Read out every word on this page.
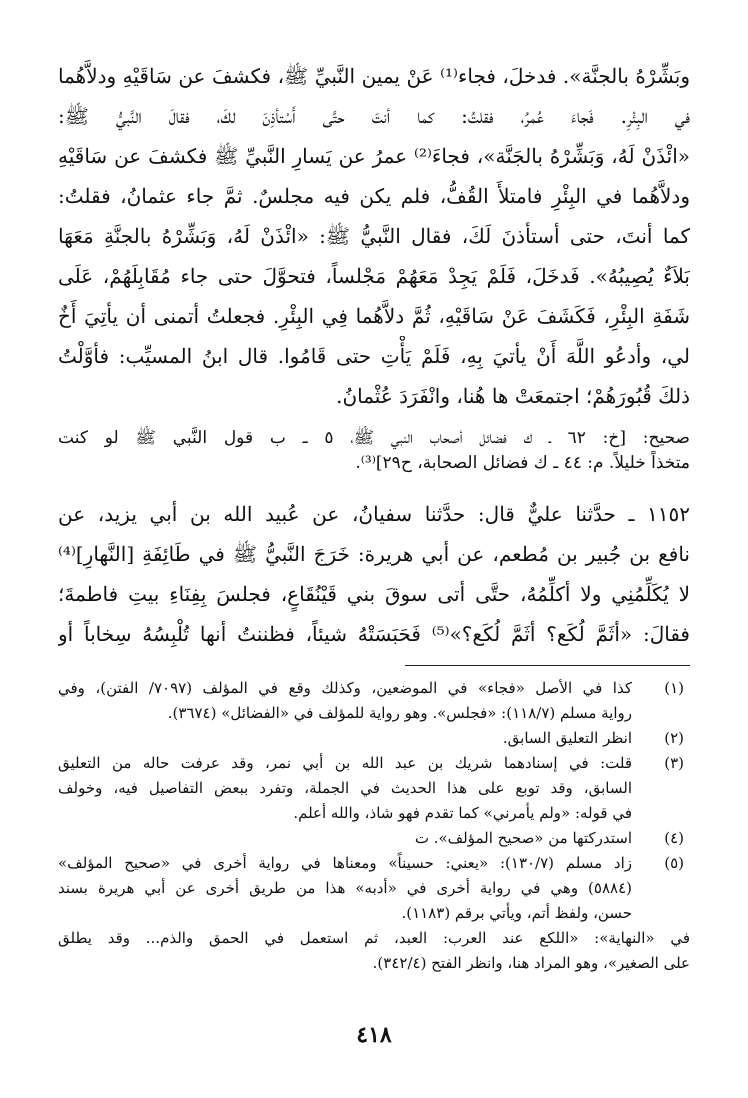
وبَشِّرْهُ بالجنَّة». فدخلَ، فجاء⁽¹⁾ عَنْ يمين النَّبيِّ ﷺ، فكشفَ عن سَاقَيْهِ ودلاَّهُما
في البِئْرِ. فَجاءَ عُمرُ، فقلتُ: كما أنتَ حتَّى أَسْتأذِنَ لكَ، فقالَ النَّبيُّ ﷺ:
«ائْذَنْ لَهُ، وَبَشِّرْهُ بالجَنَّة»، فجاءَ⁽²⁾ عمرُ عن يَسارِ النَّبيِّ ﷺ فكشفَ عن سَاقَيْهِ
ودلاَّهُما في البِئْرِ فامتلأَ القُفُّ، فلم يكن فيه مجلسٌ. ثمَّ جاء عثمانُ، فقلتُ:
كما أنتَ، حتى أستأذنَ لَكَ، فقال النَّبيُّ ﷺ: «ائْذَنْ لَهُ، وَبَشِّرْهُ بالجنَّةِ مَعَهَا
بَلاَءٌ يُصِيبُهُ». فَدخَلَ، فَلَمْ يَجِدْ مَعَهُمْ مَجْلساً، فتحوَّلَ حتى جاء مُقَابِلَهُمْ، عَلَى
شَفَةِ البِئْرِ، فَكَشَفَ عَنْ سَاقَيْهِ، ثُمَّ دلاَّهُما فِي البِئْرِ. فجعلتُ أتمنى أن يأتِيَ أَخٌ
لي، وأدعُو اللَّهَ أَنْ يأتيَ بِهِ، فَلَمْ يَأْتِ حتى قَامُوا. قال ابنُ المسيِّب: فأوَّلْتُ
ذلكَ قُبُورَهُمْ؛ اجتمعَتْ ها هُنا، وانْفَرَدَ عُثْمانُ.
صحيح: [خ: ٦٢ ـ ك فضائل أصحاب النبي ﷺ، ٥ ـ ب قول النَّبي ﷺ لو كنت
متخذاً خليلاً. م: ٤٤ ـ ك فضائل الصحابة، ح٢٩]⁽³⁾.
١١٥٢ ـ حدَّثنا عليٌّ قال: حدَّثنا سفيانُ، عن عُبيد الله بن أبي يزيد، عن
نافع بن جُبير بن مُطعم، عن أبي هريرة: خَرَجَ النَّبيُّ ﷺ في طَائِفَةِ [النَّهارِ]⁽⁴⁾
لا يُكَلِّمُنِي ولا أكلِّمُهُ، حتَّى أتى سوقَ بني قَيْنُقَاعٍ، فجلسَ بِفِنَاءِ بيتِ فاطمةَ؛
فقالَ: «أثَمَّ لُكَع؟ أثَمَّ لُكَع؟»⁽⁵⁾ فَحَبَسَتْهُ شيئاً، فظننتُ أنها تُلْبِسُهُ سِخاباً أو
(١)
كذا في الأصل «فجاء» في الموضعين، وكذلك وقع في المؤلف (٧٠٩٧/ الفتن)، وفي
رواية مسلم (١١٨/٧): «فجلس». وهو رواية للمؤلف في «الفضائل» (٣٦٧٤).
(٢)
انظر التعليق السابق.
(٣)
قلت: في إسنادهما شريك بن عبد الله بن أبي نمر، وقد عرفت حاله من التعليق
السابق، وقد توبع على هذا الحديث في الجملة، وتفرد ببعض التفاصيل فيه، وخولف
في قوله: «ولم يأمرني» كما تقدم فهو شاذ، والله أعلم.
(٤)
استدركتها من «صحيح المؤلف». ت
(٥)
زاد مسلم (١٣٠/٧): «يعني: حسيناً» ومعناها في رواية أخرى في «صحيح المؤلف»
(٥٨٨٤) وهي في رواية أخرى في «أدبه» هذا من طريق أخرى عن أبي هريرة بسند
حسن، ولفظ أتم، ويأتي برقم (١١٨٣).
في «النهاية»: «اللكع عند العرب: العبد، ثم استعمل في الحمق والذم... وقد يطلق
على الصغير»، وهو المراد هنا، وانظر الفتح (٣٤٢/٤).
٤١٨
